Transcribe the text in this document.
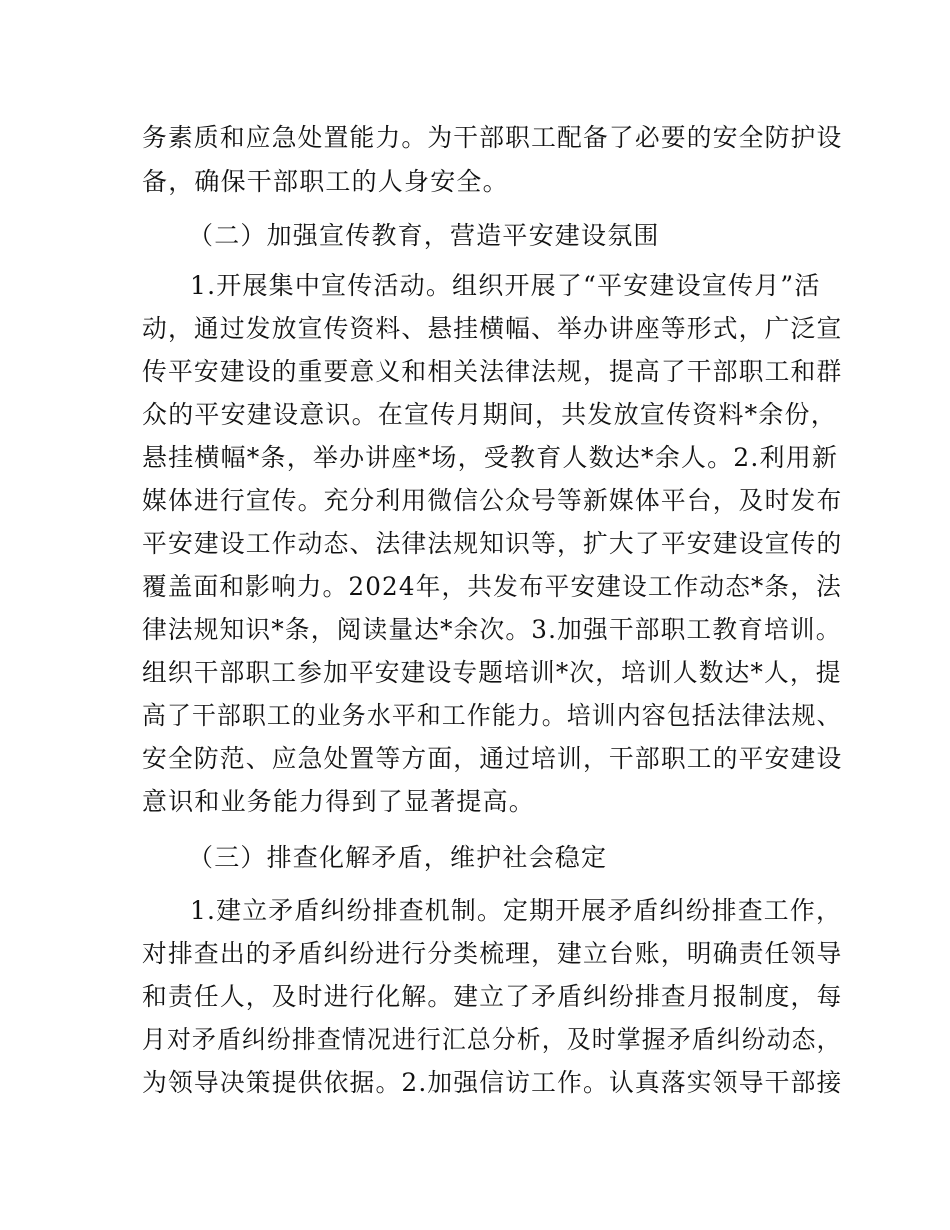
务素质和应急处置能力。为干部职工配备了必要的安全防护设
备，确保干部职工的人身安全。
（二）加强宣传教育，营造平安建设氛围
1.开展集中宣传活动。组织开展了“平安建设宣传月”活
动，通过发放宣传资料、悬挂横幅、举办讲座等形式，广泛宣
传平安建设的重要意义和相关法律法规，提高了干部职工和群
众的平安建设意识。在宣传月期间，共发放宣传资料*余份，
悬挂横幅*条，举办讲座*场，受教育人数达*余人。2.利用新
媒体进行宣传。充分利用微信公众号等新媒体平台，及时发布
平安建设工作动态、法律法规知识等，扩大了平安建设宣传的
覆盖面和影响力。2024年，共发布平安建设工作动态*条，法
律法规知识*条，阅读量达*余次。3.加强干部职工教育培训。
组织干部职工参加平安建设专题培训*次，培训人数达*人，提
高了干部职工的业务水平和工作能力。培训内容包括法律法规、
安全防范、应急处置等方面，通过培训，干部职工的平安建设
意识和业务能力得到了显著提高。
（三）排查化解矛盾，维护社会稳定
1.建立矛盾纠纷排查机制。定期开展矛盾纠纷排查工作，
对排查出的矛盾纠纷进行分类梳理，建立台账，明确责任领导
和责任人，及时进行化解。建立了矛盾纠纷排查月报制度，每
月对矛盾纠纷排查情况进行汇总分析，及时掌握矛盾纠纷动态，
为领导决策提供依据。2.加强信访工作。认真落实领导干部接
